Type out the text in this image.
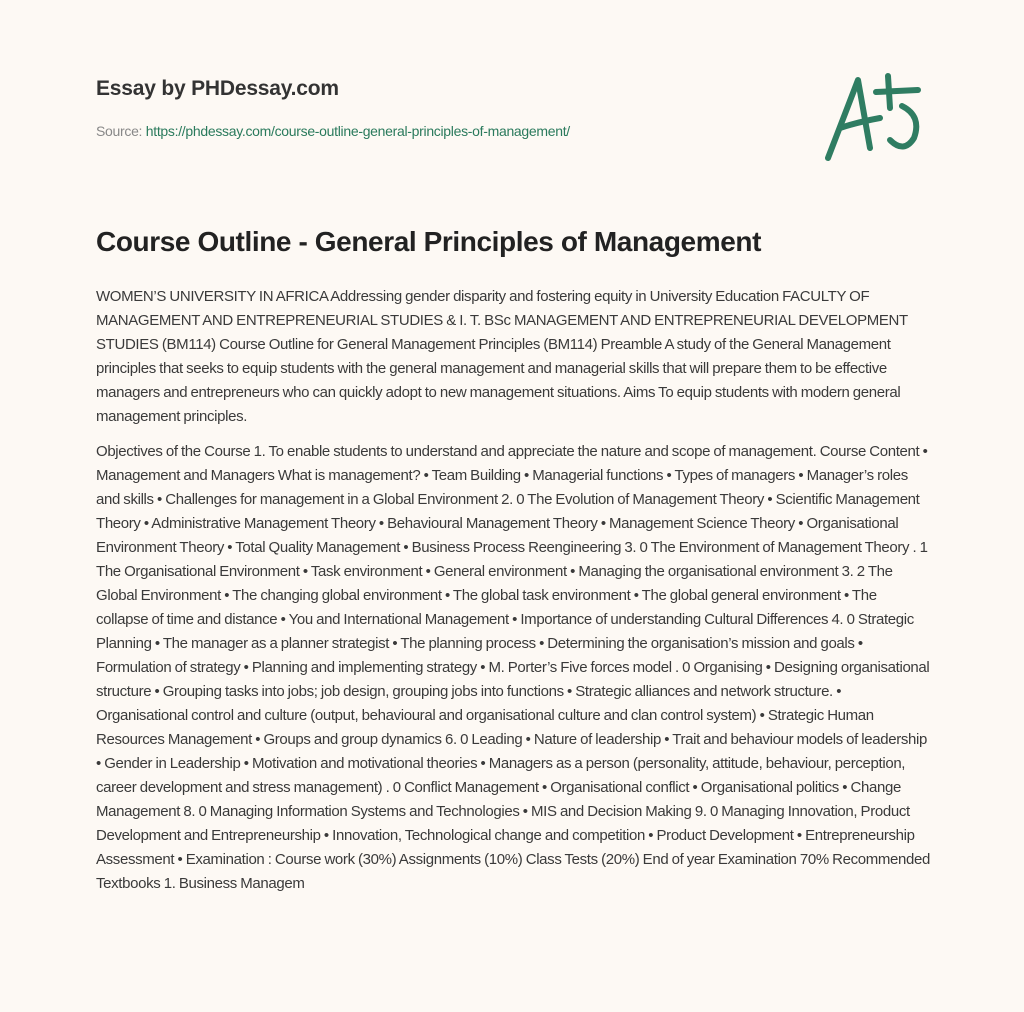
Essay by PHDessay.com
Source: https://phdessay.com/course-outline-general-principles-of-management/
Course Outline - General Principles of Management

WOMEN’S UNIVERSITY IN AFRICA Addressing gender disparity and fostering equity in University Education FACULTY OF MANAGEMENT AND ENTREPRENEURIAL STUDIES & I. T. BSc MANAGEMENT AND ENTREPRENEURIAL DEVELOPMENT STUDIES (BM114) Course Outline for General Management Principles (BM114) Preamble A study of the General Management principles that seeks to equip students with the general management and managerial skills that will prepare them to be effective managers and entrepreneurs who can quickly adopt to new management situations. Aims To equip students with modern general management principles.

Objectives of the Course 1. To enable students to understand and appreciate the nature and scope of management. Course Content • Management and Managers What is management? • Team Building • Managerial functions • Types of managers • Manager’s roles and skills • Challenges for management in a Global Environment 2. 0 The Evolution of Management Theory • Scientific Management Theory • Administrative Management Theory • Behavioural Management Theory • Management Science Theory • Organisational Environment Theory • Total Quality Management • Business Process Reengineering 3. 0 The Environment of Management Theory . 1 The Organisational Environment • Task environment • General environment • Managing the organisational environment 3. 2 The Global Environment • The changing global environment • The global task environment • The global general environment • The collapse of time and distance • You and International Management • Importance of understanding Cultural Differences 4. 0 Strategic Planning • The manager as a planner strategist • The planning process • Determining the organisation’s mission and goals • Formulation of strategy • Planning and implementing strategy • M. Porter’s Five forces model . 0 Organising • Designing organisational structure • Grouping tasks into jobs; job design, grouping jobs into functions • Strategic alliances and network structure. • Organisational control and culture (output, behavioural and organisational culture and clan control system) • Strategic Human Resources Management • Groups and group dynamics 6. 0 Leading • Nature of leadership • Trait and behaviour models of leadership • Gender in Leadership • Motivation and motivational theories • Managers as a person (personality, attitude, behaviour, perception, career development and stress management) . 0 Conflict Management • Organisational conflict • Organisational politics • Change Management 8. 0 Managing Information Systems and Technologies • MIS and Decision Making 9. 0 Managing Innovation, Product Development and Entrepreneurship • Innovation, Technological change and competition • Product Development • Entrepreneurship Assessment • Examination : Course work (30%) Assignments (10%) Class Tests (20%) End of year Examination 70% Recommended Textbooks 1. Business Managem
